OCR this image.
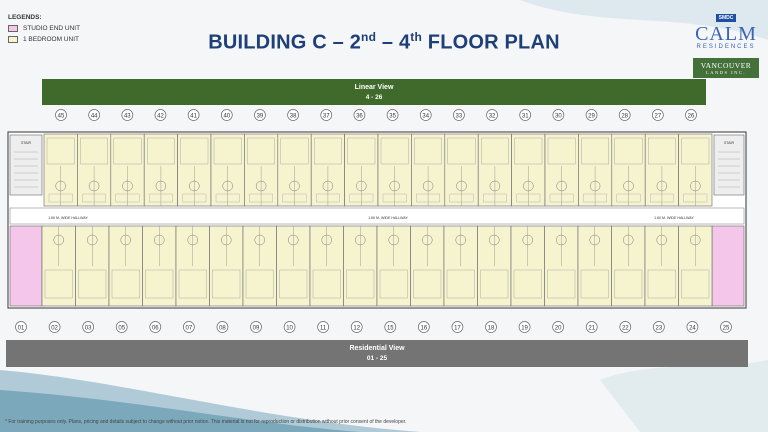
LEGENDS:
STUDIO END UNIT
1 BEDROOM UNIT	BUILDING C – 2nd – 4th FLOOR PLAN
SMDC
CALM
RESIDENCES
VANCOUVER
LANDS INC.
Linear View
4 - 26
45	44	43	42	41	40	39	38	37	36	35	34	33	32	31	30	29	28	27	26
01	02	03	05	06	07	08	09	10	11	12	15	16	17	18	19	20	21	22	23	24	25
STAIR	STAIR
1.60 M. WIDE HALLWAY	1.60 M. WIDE HALLWAY	1.60 M. WIDE HALLWAY
Residential View
01 - 25
* For training purposes only. Plans, pricing and details subject to change without prior notice. This material is not for reproduction or distribution without prior consent of the developer.
